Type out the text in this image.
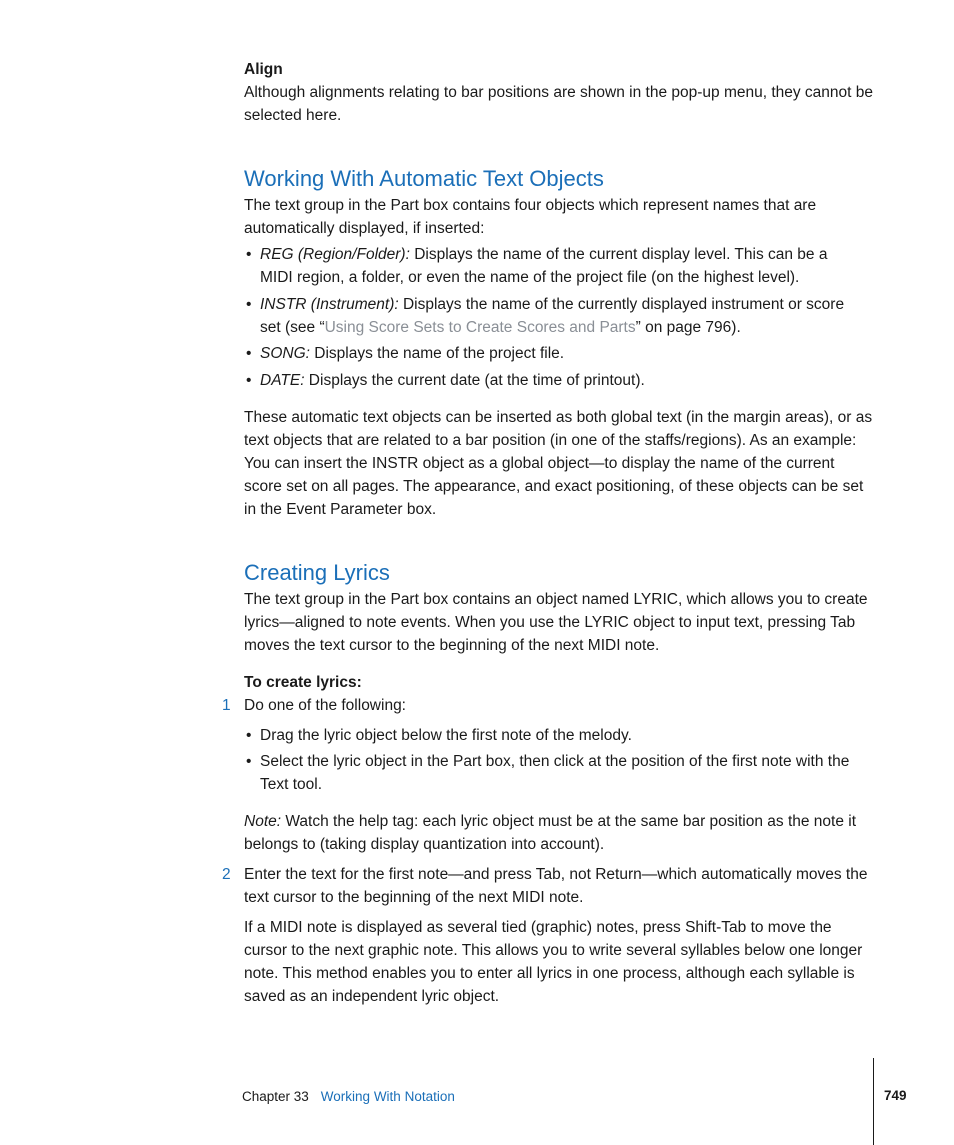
Align

Although alignments relating to bar positions are shown in the pop-up menu, they cannot be selected here.

Working With Automatic Text Objects

The text group in the Part box contains four objects which represent names that are automatically displayed, if inserted:

• REG (Region/Folder): Displays the name of the current display level. This can be a MIDI region, a folder, or even the name of the project file (on the highest level).
• INSTR (Instrument): Displays the name of the currently displayed instrument or score set (see “Using Score Sets to Create Scores and Parts” on page 796).
• SONG: Displays the name of the project file.
• DATE: Displays the current date (at the time of printout).

These automatic text objects can be inserted as both global text (in the margin areas), or as text objects that are related to a bar position (in one of the staffs/regions). As an example: You can insert the INSTR object as a global object—to display the name of the current score set on all pages. The appearance, and exact positioning, of these objects can be set in the Event Parameter box.

Creating Lyrics

The text group in the Part box contains an object named LYRIC, which allows you to create lyrics—aligned to note events. When you use the LYRIC object to input text, pressing Tab moves the text cursor to the beginning of the next MIDI note.

To create lyrics:
1 Do one of the following:

• Drag the lyric object below the first note of the melody.
• Select the lyric object in the Part box, then click at the position of the first note with the Text tool.

Note: Watch the help tag: each lyric object must be at the same bar position as the note it belongs to (taking display quantization into account).

2 Enter the text for the first note—and press Tab, not Return—which automatically moves the text cursor to the beginning of the next MIDI note.

If a MIDI note is displayed as several tied (graphic) notes, press Shift-Tab to move the cursor to the next graphic note. This allows you to write several syllables below one longer note. This method enables you to enter all lyrics in one process, although each syllable is saved as an independent lyric object.

Chapter 33 Working With Notation	749
